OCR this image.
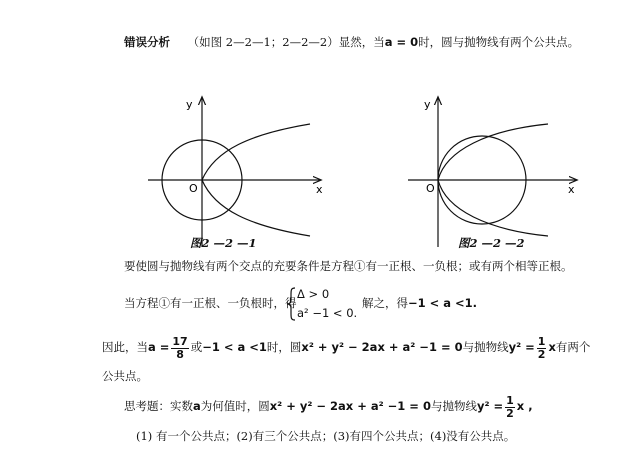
错误分析 （如图 2—2—1；2—2—2）显然，当a = 0时，圆与抛物线有两个公共点。
x
y
O
图2 —2 —1
x
y
O
图2 —2 —2
要使圆与抛物线有两个交点的充要条件是方程①有一正根、一负根；或有两个相等正根。
当方程①有一正根、一负根时，得
Δ > 0
a² −1 < 0.
解之，得−1 < a <1.
因此，当$a = \frac{17}{8}$ 或−1 < a <1时，圆x² + y² − 2ax + a² −1 = 0与抛物线$y^2 = \frac{1}{2}$ x有两个
公共点。
思考题：实数a为何值时，圆x² + y² − 2ax + a² −1 = 0与抛物线$y^2 = \frac{1}{2}$ x ,
(1) 有一个公共点；(2)有三个公共点；(3)有四个公共点；(4)没有公共点。
